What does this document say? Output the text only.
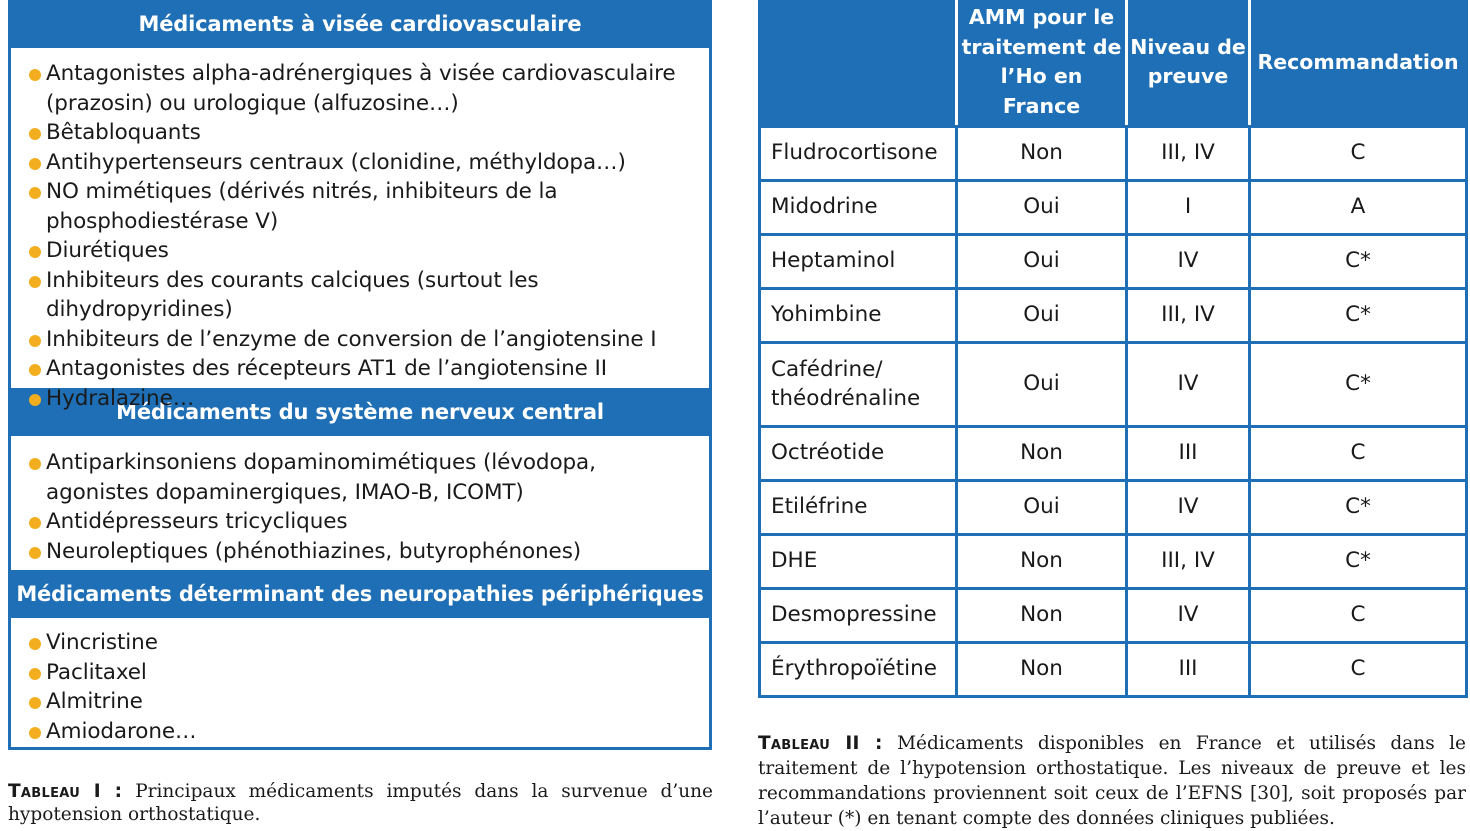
Médicaments à visée cardiovasculaire
Antagonistes alpha-adrénergiques à visée cardiovasculaire (prazosin) ou urologique (alfuzosine…)
Bêtabloquants
Antihypertenseurs centraux (clonidine, méthyldopa…)
NO mimétiques (dérivés nitrés, inhibiteurs de la phosphodiestérase V)
Diurétiques
Inhibiteurs des courants calciques (surtout les dihydropyridines)
Inhibiteurs de l’enzyme de conversion de l’angiotensine I
Antagonistes des récepteurs AT1 de l’angiotensine II
Hydralazine…
Médicaments du système nerveux central
Antiparkinsoniens dopaminomimétiques (lévodopa, agonistes dopaminergiques, IMAO-B, ICOMT)
Antidépresseurs tricycliques
Neuroleptiques (phénothiazines, butyrophénones)
Médicaments déterminant des neuropathies périphériques
Vincristine
Paclitaxel
Almitrine
Amiodarone…
Tableau I : Principaux médicaments imputés dans la survenue d’une hypotension orthostatique.
	AMM pour le traitement de l’Ho en France	Niveau de preuve	Recommandation
Fludrocortisone	Non	III, IV	C
Midodrine	Oui	I	A
Heptaminol	Oui	IV	C*
Yohimbine	Oui	III, IV	C*
Cafédrine/ théodrénaline	Oui	IV	C*
Octréotide	Non	III	C
Etiléfrine	Oui	IV	C*
DHE	Non	III, IV	C*
Desmopressine	Non	IV	C
Érythropoïétine	Non	III	C
Tableau II : Médicaments disponibles en France et utilisés dans le traitement de l’hypotension orthostatique. Les niveaux de preuve et les recommandations proviennent soit ceux de l’EFNS [30], soit proposés par l’auteur (*) en tenant compte des données cliniques publiées.
